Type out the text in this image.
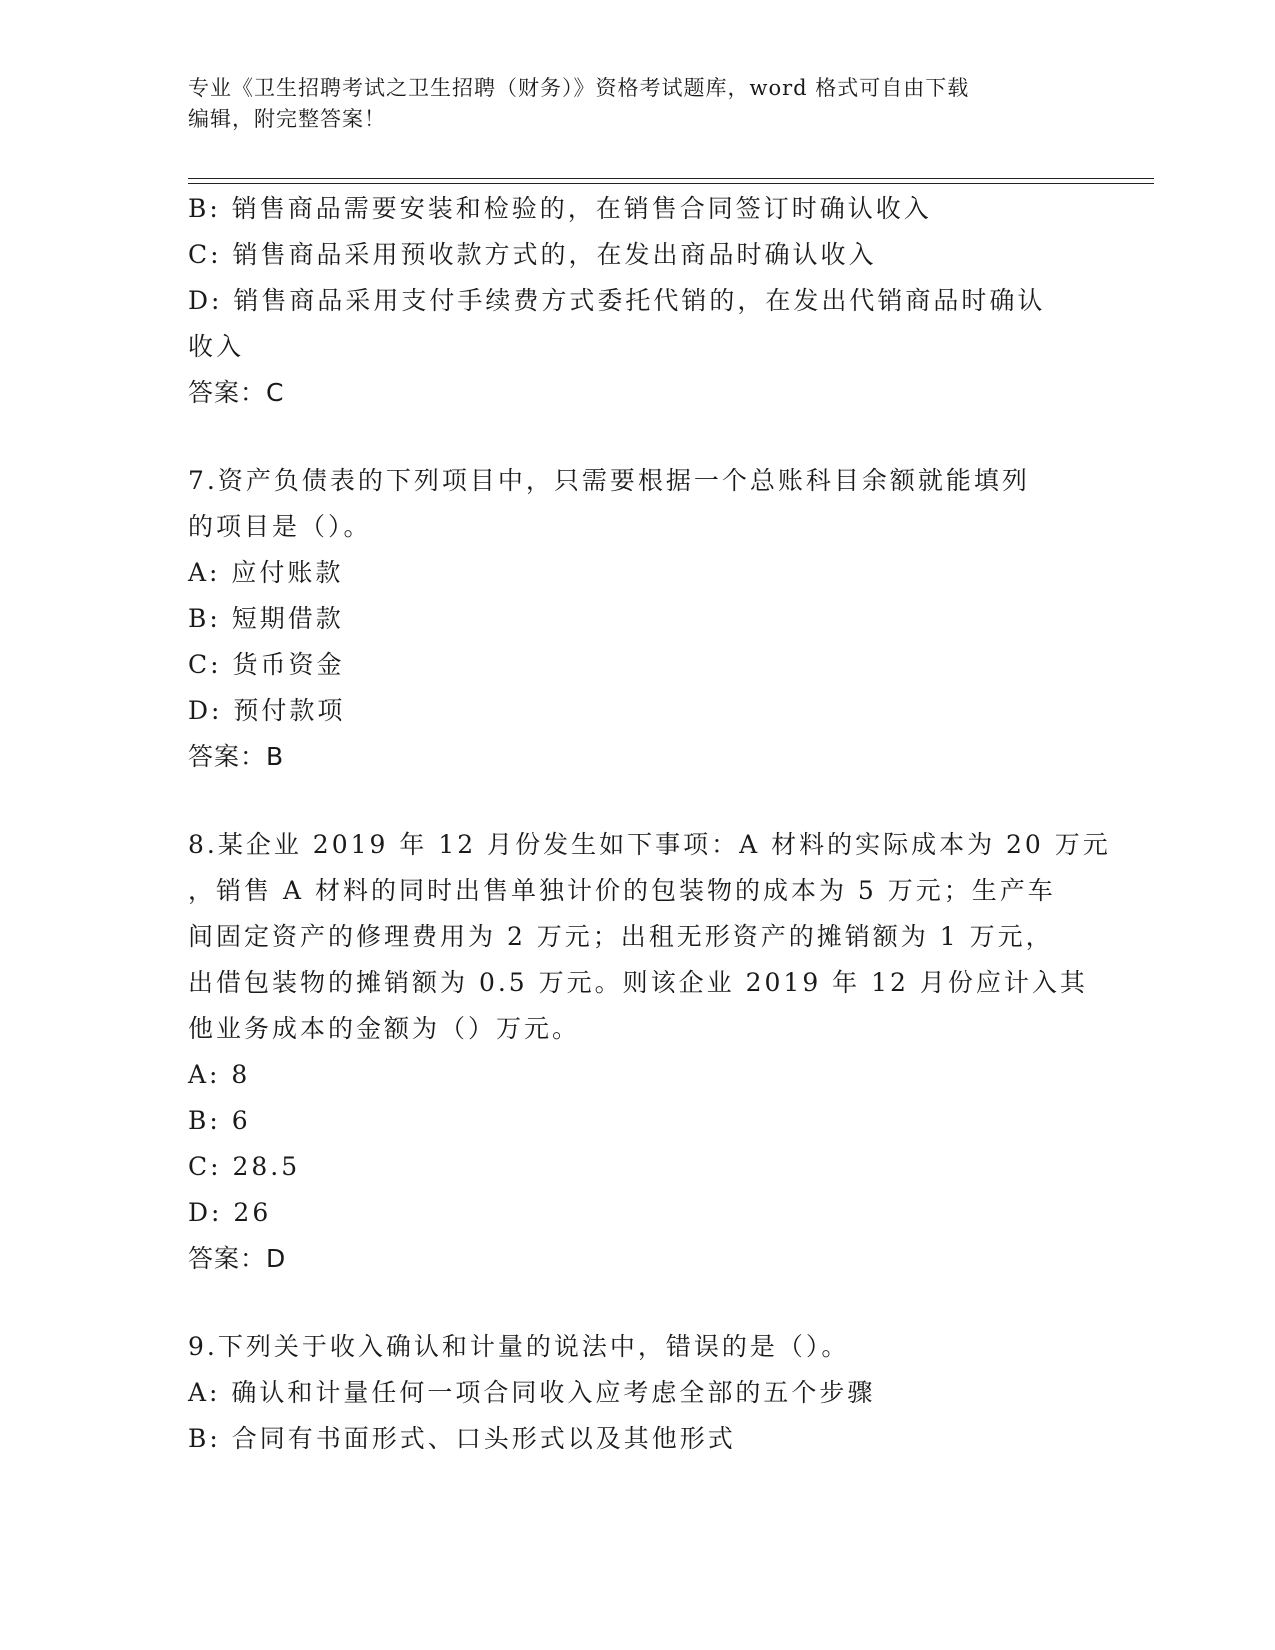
专业《卫生招聘考试之卫生招聘（财务）》资格考试题库，word 格式可自由下载
编辑，附完整答案！
B: 销售商品需要安装和检验的，在销售合同签订时确认收入
C: 销售商品采用预收款方式的，在发出商品时确认收入
D: 销售商品采用支付手续费方式委托代销的，在发出代销商品时确认
收入
答案：C
7.资产负债表的下列项目中，只需要根据一个总账科目余额就能填列
的项目是（）。
A: 应付账款
B: 短期借款
C: 货币资金
D: 预付款项
答案：B
8.某企业 2019 年 12 月份发生如下事项：A 材料的实际成本为 20 万元
，销售 A 材料的同时出售单独计价的包装物的成本为 5 万元；生产车
间固定资产的修理费用为 2 万元；出租无形资产的摊销额为 1 万元，
出借包装物的摊销额为 0.5 万元。则该企业 2019 年 12 月份应计入其
他业务成本的金额为（）万元。
A: 8
B: 6
C: 28.5
D: 26
答案：D
9.下列关于收入确认和计量的说法中，错误的是（）。
A: 确认和计量任何一项合同收入应考虑全部的五个步骤
B: 合同有书面形式、口头形式以及其他形式
